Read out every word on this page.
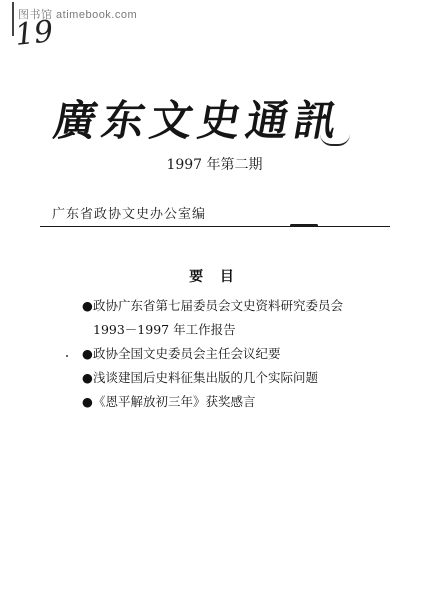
图书馆 atimebook.com
19
廣东文史通訊
1997 年第二期
广东省政协文史办公室编
要 目
●政协广东省第七届委员会文史资料研究委员会
1993－1997 年工作报告
●政协全国文史委员会主任会议纪要
●浅谈建国后史料征集出版的几个实际问题
●《恩平解放初三年》获奖感言
